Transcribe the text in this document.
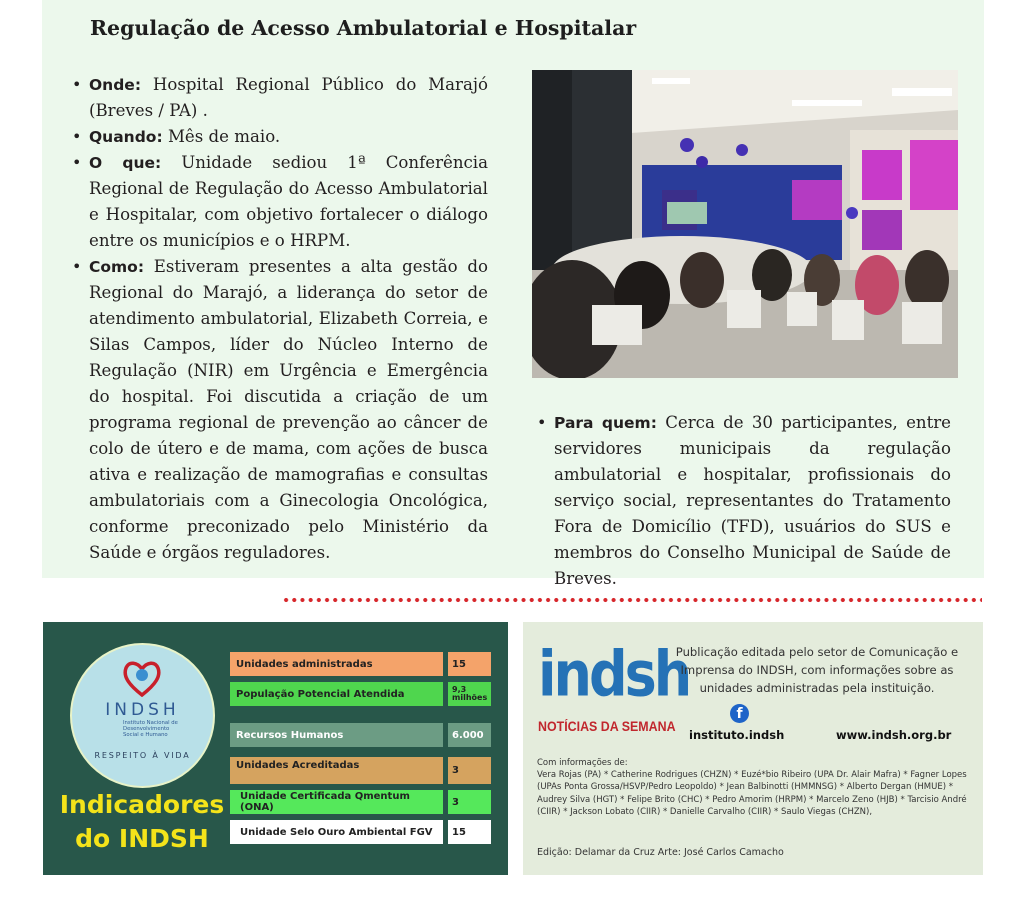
Regulação de Acesso Ambulatorial e Hospitalar
• Onde: Hospital Regional Público do Marajó (Breves / PA) .
• Quando: Mês de maio.
• O que: Unidade sediou 1ª Conferência Regional de Regulação do Acesso Ambulatorial e Hospitalar, com objetivo fortalecer o diálogo entre os municípios e o HRPM.
• Como: Estiveram presentes a alta gestão do Regional do Marajó, a liderança do setor de atendimento ambulatorial, Elizabeth Correia, e Silas Campos, líder do Núcleo Interno de Regulação (NIR) em Urgência e Emergência do hospital. Foi discutida a criação de um programa regional de prevenção ao câncer de colo de útero e de mama, com ações de busca ativa e realização de mamografias e consultas ambulatoriais com a Ginecologia Oncológica, conforme preconizado pelo Ministério da Saúde e órgãos reguladores.
• Para quem: Cerca de 30 participantes, entre servidores municipais da regulação ambulatorial e hospitalar, profissionais do serviço social, representantes do Tratamento Fora de Domicílio (TFD), usuários do SUS e membros do Conselho Municipal de Saúde de Breves.
INDSH
Instituto Nacional de Desenvolvimento Social e Humano
RESPEITO À VIDA
Indicadores
do INDSH
Unidades administradas	15
População Potencial Atendida	9,3 milhões
Recursos Humanos	6.000
Unidades Acreditadas	3
Unidade Certificada Qmentum (ONA)	3
Unidade Selo Ouro Ambiental FGV	15
indsh
NOTÍCIAS DA SEMANA
Publicação editada pelo setor de Comunicação e Imprensa do INDSH, com informações sobre as unidades administradas pela instituição.
f
instituto.indsh	www.indsh.org.br
Com informações de:
Vera Rojas (PA) * Catherine Rodrigues (CHZN) * Euzé*bio Ribeiro (UPA Dr. Alair Mafra) * Fagner Lopes (UPAs Ponta Grossa/HSVP/Pedro Leopoldo) * Jean Balbinotti (HMMNSG) * Alberto Dergan (HMUE) * Audrey Silva (HGT) * Felipe Brito (CHC) * Pedro Amorim (HRPM) * Marcelo Zeno (HJB) * Tarcisio André (CIIR) * Jackson Lobato (CIIR) * Danielle Carvalho (CIIR) * Saulo Viegas (CHZN),
Edição: Delamar da Cruz Arte: José Carlos Camacho
